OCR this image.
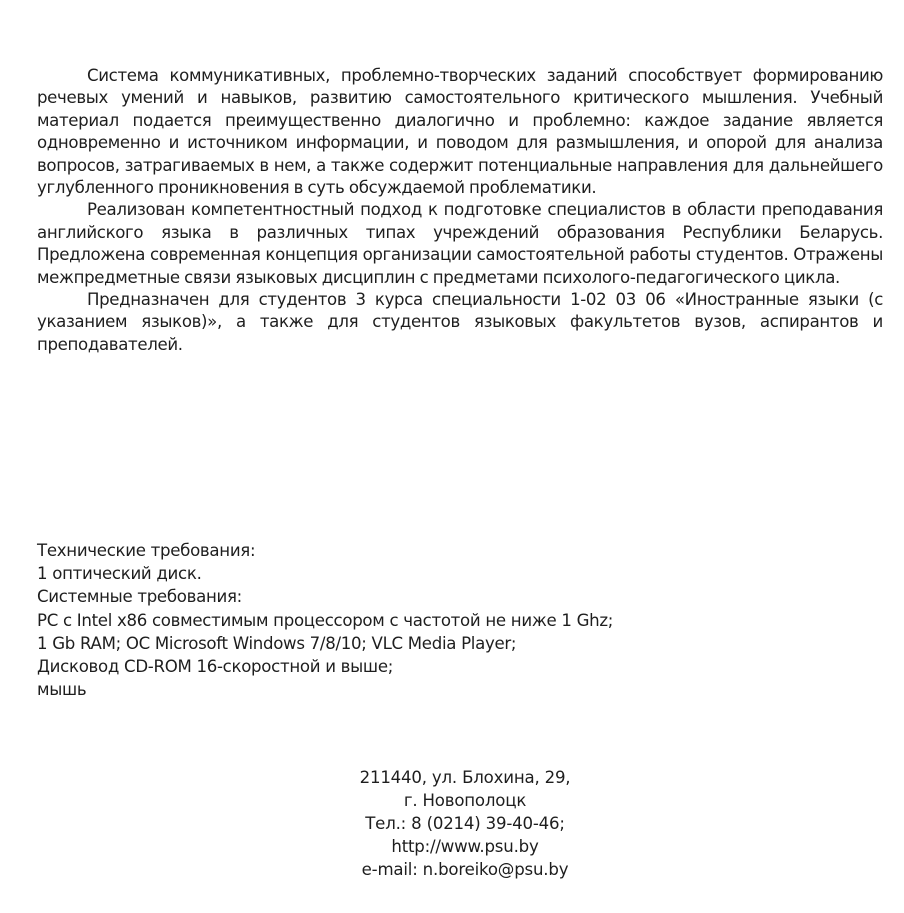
Система коммуникативных, проблемно-творческих заданий способствует формированию речевых умений и навыков, развитию самостоятельного критического мышления. Учебный материал подается преимущественно диалогично и проблемно: каждое задание является одновременно и источником информации, и поводом для размышления, и опорой для анализа вопросов, затрагиваемых в нем, а также содержит потенциальные направления для дальнейшего углубленного проникновения в суть обсуждаемой проблематики.

Реализован компетентностный подход к подготовке специалистов в области преподавания английского языка в различных типах учреждений образования Республики Беларусь. Предложена современная концепция организации самостоятельной работы студентов. Отражены межпредметные связи языковых дисциплин с предметами психолого-педагогического цикла.

Предназначен для студентов 3 курса специальности 1-02 03 06 «Иностранные языки (с указанием языков)», а также для студентов языковых факультетов вузов, аспирантов и преподавателей.

Технические требования:
1 оптический диск.
Системные требования:
PC с Intel x86 совместимым процессором с частотой не ниже 1 Ghz;
1 Gb RAM; ОС Microsoft Windows 7/8/10; VLC Media Player;
Дисковод CD-ROM 16-скоростной и выше;
мышь
211440, ул. Блохина, 29,
г. Новополоцк
Тел.: 8 (0214) 39-40-46;
http://www.psu.by
e-mail: n.boreiko@psu.by
